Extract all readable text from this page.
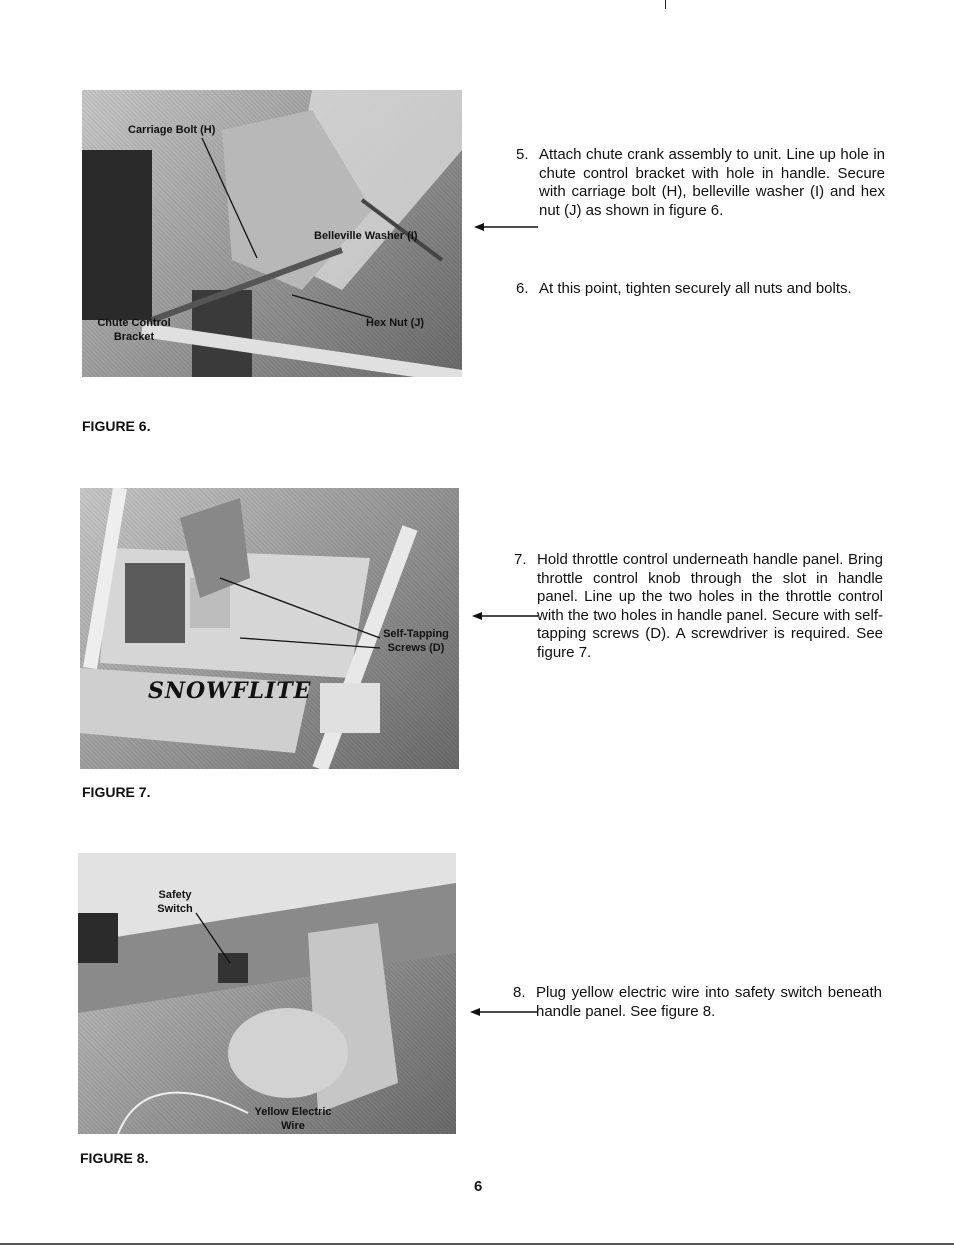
Carriage Bolt (H)
Belleville Washer (I)
Hex Nut (J)
Chute Control Bracket
FIGURE 6.
SNOWFLITE
Self-Tapping Screws (D)
FIGURE 7.
Safety Switch
Yellow Electric Wire
FIGURE 8.
5. Attach chute crank assembly to unit. Line up hole in chute control bracket with hole in handle. Secure with carriage bolt (H), belleville washer (I) and hex nut (J) as shown in figure 6.
6. At this point, tighten securely all nuts and bolts.
7. Hold throttle control underneath handle panel. Bring throttle control knob through the slot in handle panel. Line up the two holes in the throttle control with the two holes in handle panel. Secure with self-tapping screws (D). A screwdriver is required. See figure 7.
8. Plug yellow electric wire into safety switch beneath handle panel. See figure 8.
6
